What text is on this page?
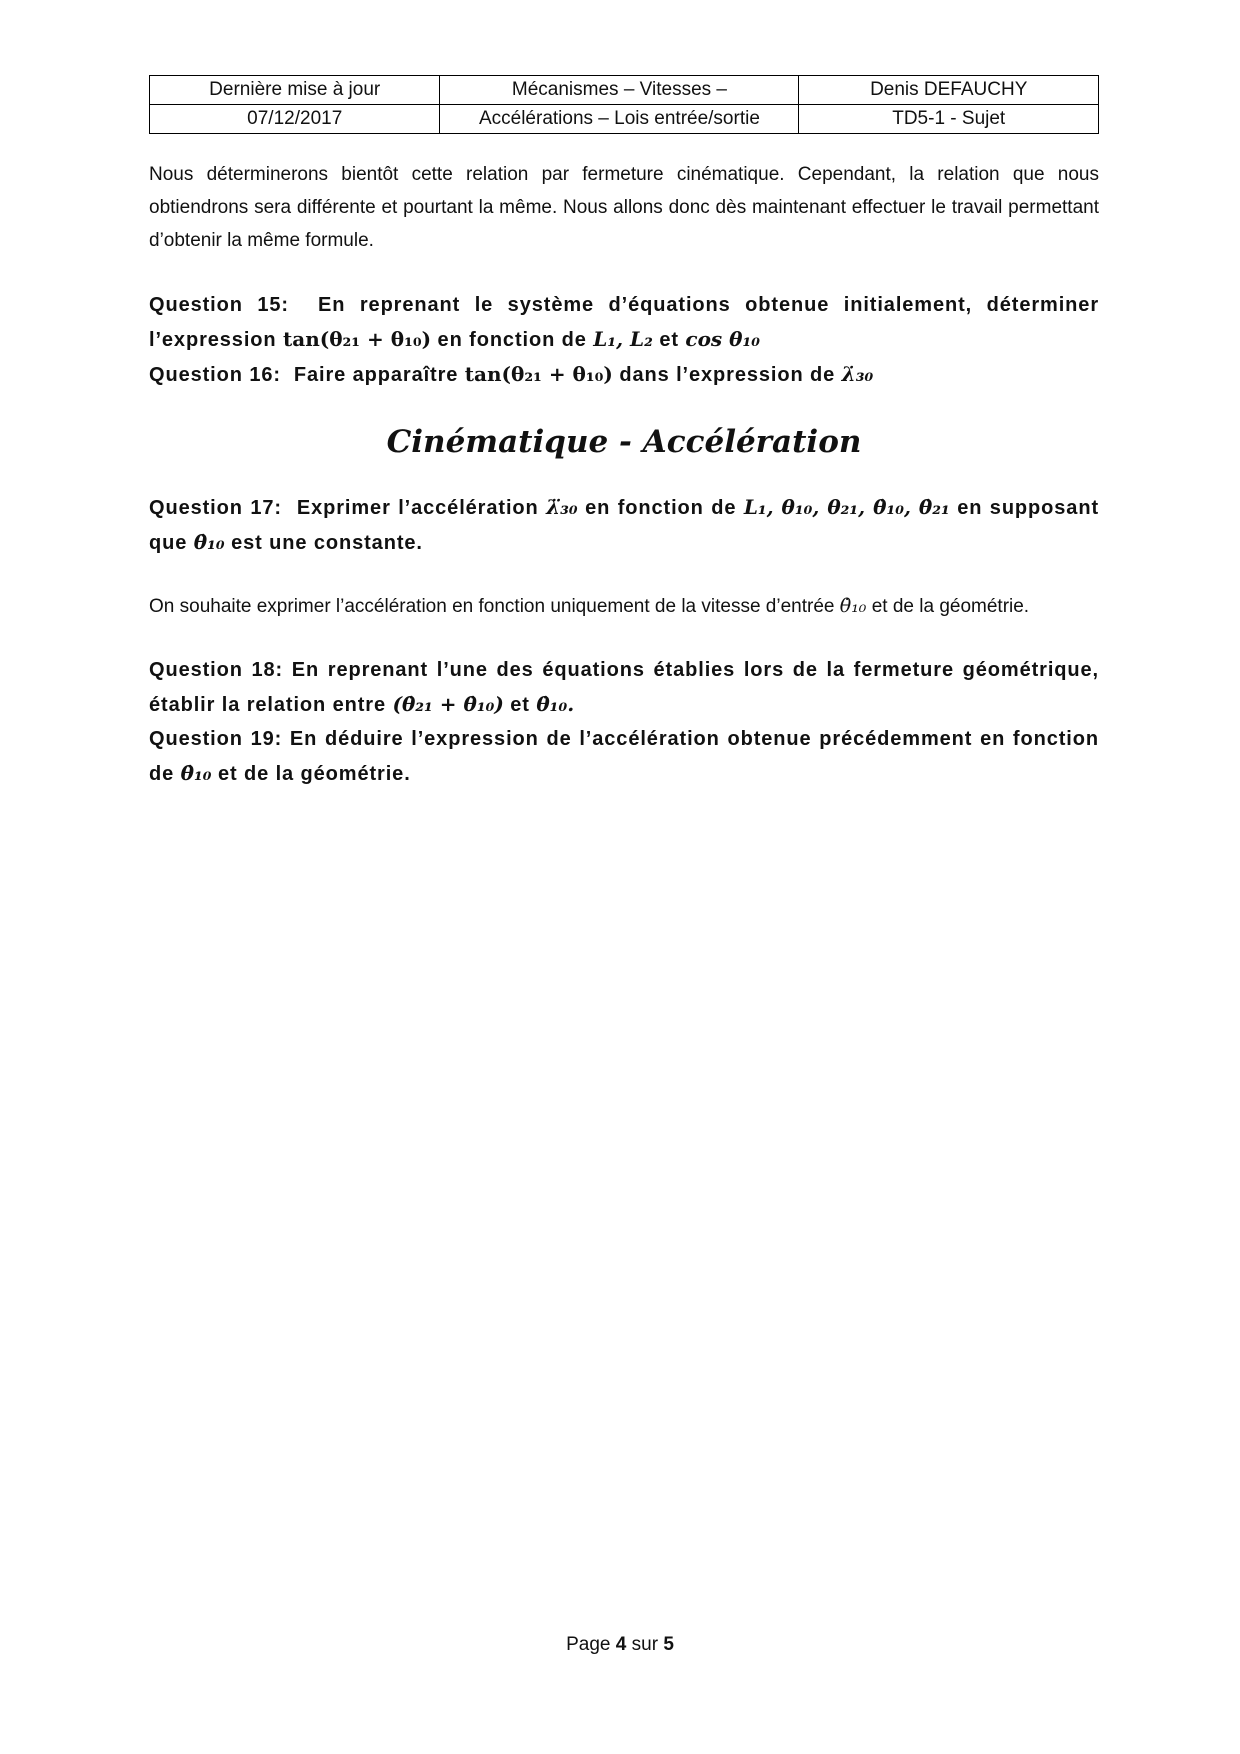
Dernière mise à jour	Mécanismes – Vitesses –	Denis DEFAUCHY
07/12/2017	Accélérations – Lois entrée/sortie	TD5-1 - Sujet

Nous déterminerons bientôt cette relation par fermeture cinématique. Cependant, la relation que nous obtiendrons sera différente et pourtant la même. Nous allons donc dès maintenant effectuer le travail permettant d’obtenir la même formule.

Question 15: En reprenant le système d’équations obtenue initialement, déterminer l’expression tan(θ₂₁ + θ₁₀) en fonction de L₁, L₂ et cos θ₁₀

Question 16: Faire apparaître tan(θ₂₁ + θ₁₀) dans l’expression de λ̇₃₀

Cinématique - Accélération

Question 17: Exprimer l’accélération λ̈₃₀ en fonction de L₁, θ₁₀, θ₂₁, θ̇₁₀, θ̇₂₁ en supposant que θ̇₁₀ est une constante.

On souhaite exprimer l’accélération en fonction uniquement de la vitesse d’entrée θ̇₁₀ et de la géométrie.

Question 18: En reprenant l’une des équations établies lors de la fermeture géométrique, établir la relation entre (θ̇₂₁ + θ̇₁₀) et θ̇₁₀.

Question 19: En déduire l’expression de l’accélération obtenue précédemment en fonction de θ̇₁₀ et de la géométrie.

Page 4 sur 5
